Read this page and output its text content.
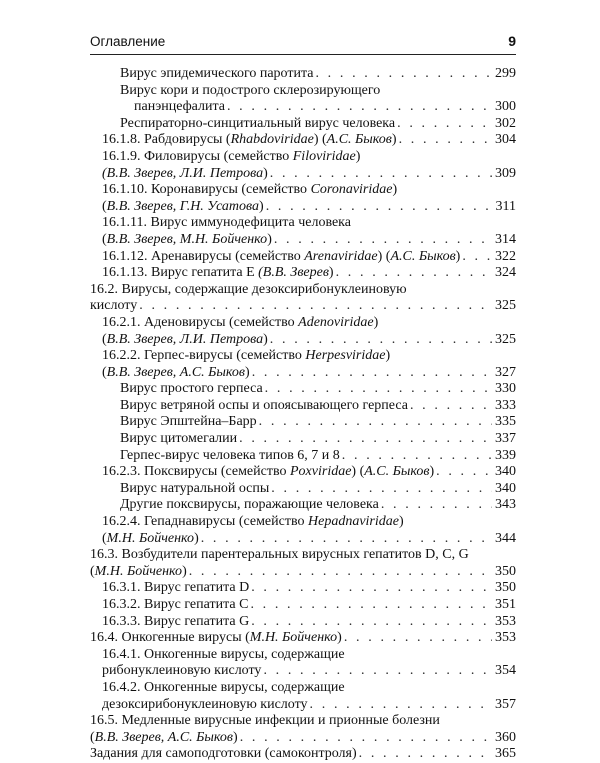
Оглавление	9
Вирус эпидемического паротита . . .	299
Вирус кори и подострого склерозирующего
панэнцефалита . . .	300
Респираторно-синцитиальный вирус человека . . .	302
16.1.8. Рабдовирусы (Rhabdoviridae) (А.С. Быков) . . .	304
16.1.9. Филовирусы (семейство Filoviridae)
(В.В. Зверев, Л.И. Петрова) . . .	309
16.1.10. Коронавирусы (семейство Coronaviridae)
(В.В. Зверев, Г.Н. Усатова) . . .	311
16.1.11. Вирус иммунодефицита человека
(В.В. Зверев, М.Н. Бойченко) . . .	314
16.1.12. Аренавирусы (семейство Arenaviridae) (А.С. Быков) . . . 322
16.1.13. Вирус гепатита Е (В.В. Зверев) . . .	324
16.2. Вирусы, содержащие дезоксирибонуклеиновую
кислоту . . .	325
16.2.1. Аденовирусы (семейство Adenoviridae)
(В.В. Зверев, Л.И. Петрова) . . .	325
16.2.2. Герпес-вирусы (семейство Herpesviridae)
(В.В. Зверев, А.С. Быков) . . .	327
Вирус простого герпеса . . .	330
Вирус ветряной оспы и опоясывающего герпеса . . .	333
Вирус Эпштейна–Барр . . .	335
Вирус цитомегалии . . .	337
Герпес-вирус человека типов 6, 7 и 8 . . .	339
16.2.3. Поксвирусы (семейство Poxviridae) (А.С. Быков) . . .	340
Вирус натуральной оспы . . .	340
Другие поксвирусы, поражающие человека . . .	343
16.2.4. Гепаднавирусы (семейство Hepadnaviridae)
(М.Н. Бойченко) . . .	344
16.3. Возбудители парентеральных вирусных гепатитов D, C, G
(М.Н. Бойченко) . . .	350
16.3.1. Вирус гепатита D . . .	350
16.3.2. Вирус гепатита С . . .	351
16.3.3. Вирус гепатита G . . .	353
16.4. Онкогенные вирусы (М.Н. Бойченко) . . .	353
16.4.1. Онкогенные вирусы, содержащие
рибонуклеиновую кислоту . . .	354
16.4.2. Онкогенные вирусы, содержащие
дезоксирибонуклеиновую кислоту . . .	357
16.5. Медленные вирусные инфекции и прионные болезни
(В.В. Зверев, А.С. Быков) . . .	360
Задания для самоподготовки (самоконтроля) . . .	365
